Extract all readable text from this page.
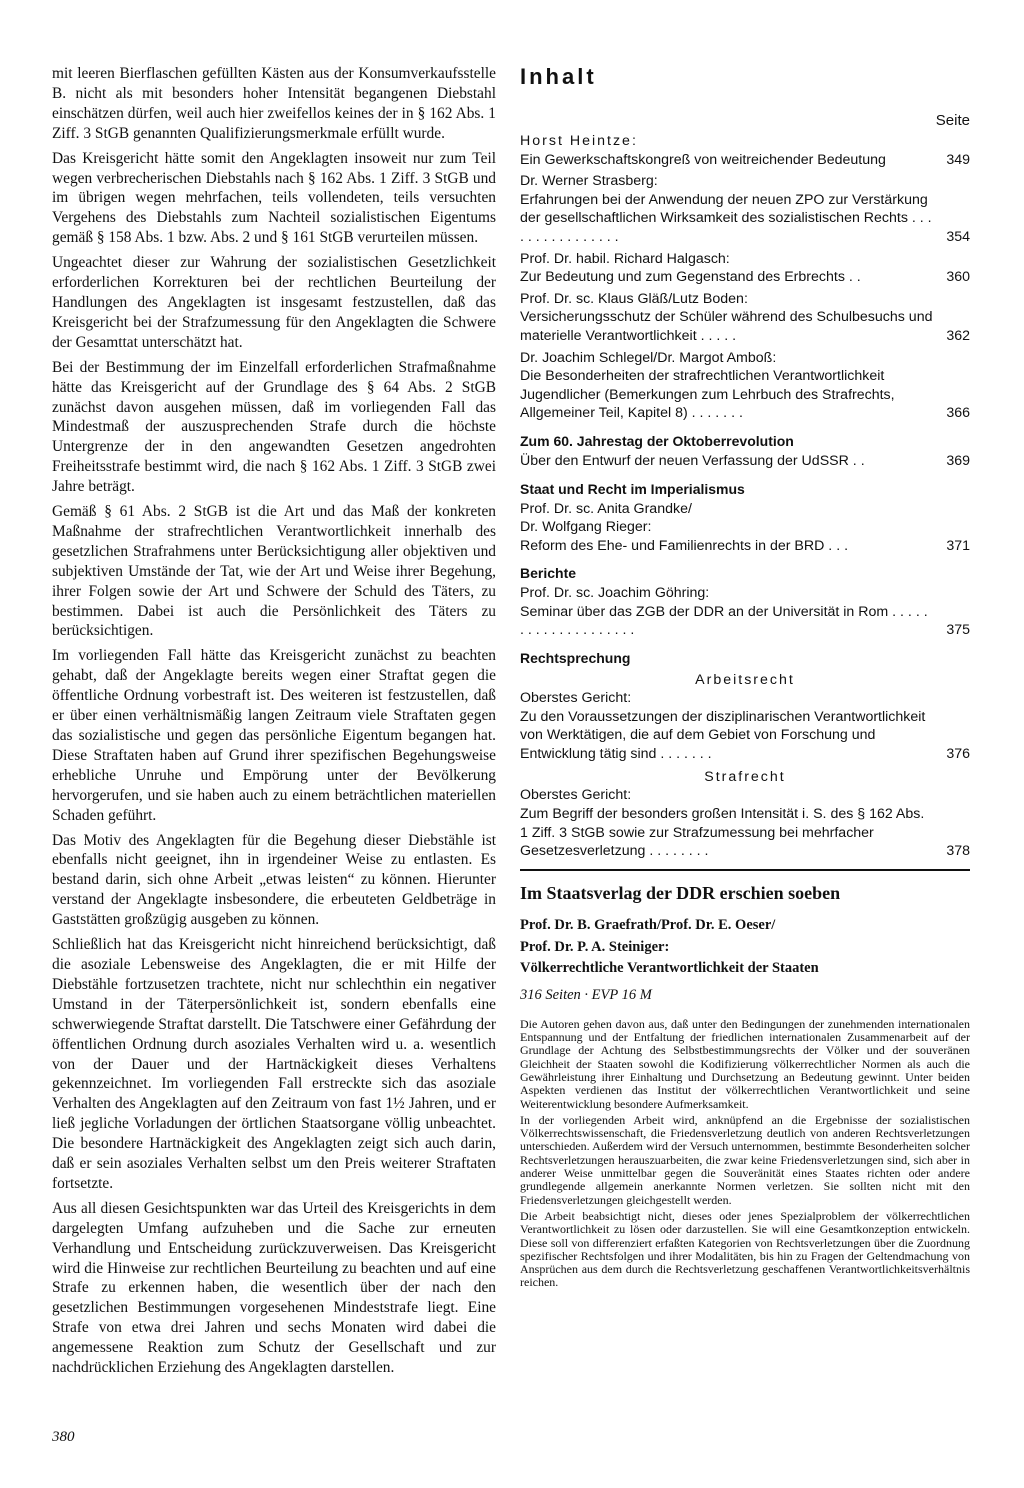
mit leeren Bierflaschen gefüllten Kästen aus der Konsumverkaufsstelle B. nicht als mit besonders hoher Intensität begangenen Diebstahl einschätzen dürfen, weil auch hier zweifellos keines der in § 162 Abs. 1 Ziff. 3 StGB genannten Qualifizierungsmerkmale erfüllt wurde.

Das Kreisgericht hätte somit den Angeklagten insoweit nur zum Teil wegen verbrecherischen Diebstahls nach § 162 Abs. 1 Ziff. 3 StGB und im übrigen wegen mehrfachen, teils vollendeten, teils versuchten Vergehens des Diebstahls zum Nachteil sozialistischen Eigentums gemäß § 158 Abs. 1 bzw. Abs. 2 und § 161 StGB verurteilen müssen.

Ungeachtet dieser zur Wahrung der sozialistischen Gesetzlichkeit erforderlichen Korrekturen bei der rechtlichen Beurteilung der Handlungen des Angeklagten ist insgesamt festzustellen, daß das Kreisgericht bei der Strafzumessung für den Angeklagten die Schwere der Gesamttat unterschätzt hat.

Bei der Bestimmung der im Einzelfall erforderlichen Strafmaßnahme hätte das Kreisgericht auf der Grundlage des § 64 Abs. 2 StGB zunächst davon ausgehen müssen, daß im vorliegenden Fall das Mindestmaß der auszusprechenden Strafe durch die höchste Untergrenze der in den angewandten Gesetzen angedrohten Freiheitsstrafe bestimmt wird, die nach § 162 Abs. 1 Ziff. 3 StGB zwei Jahre beträgt.

Gemäß § 61 Abs. 2 StGB ist die Art und das Maß der konkreten Maßnahme der strafrechtlichen Verantwortlichkeit innerhalb des gesetzlichen Strafrahmens unter Berücksichtigung aller objektiven und subjektiven Umstände der Tat, wie der Art und Weise ihrer Begehung, ihrer Folgen sowie der Art und Schwere der Schuld des Täters, zu bestimmen. Dabei ist auch die Persönlichkeit des Täters zu berücksichtigen.

Im vorliegenden Fall hätte das Kreisgericht zunächst zu beachten gehabt, daß der Angeklagte bereits wegen einer Straftat gegen die öffentliche Ordnung vorbestraft ist. Des weiteren ist festzustellen, daß er über einen verhältnismäßig langen Zeitraum viele Straftaten gegen das sozialistische und gegen das persönliche Eigentum begangen hat. Diese Straftaten haben auf Grund ihrer spezifischen Begehungsweise erhebliche Unruhe und Empörung unter der Bevölkerung hervorgerufen, und sie haben auch zu einem beträchtlichen materiellen Schaden geführt.

Das Motiv des Angeklagten für die Begehung dieser Diebstähle ist ebenfalls nicht geeignet, ihn in irgendeiner Weise zu entlasten. Es bestand darin, sich ohne Arbeit „etwas leisten“ zu können. Hierunter verstand der Angeklagte insbesondere, die erbeuteten Geldbeträge in Gaststätten großzügig ausgeben zu können.

Schließlich hat das Kreisgericht nicht hinreichend berücksichtigt, daß die asoziale Lebensweise des Angeklagten, die er mit Hilfe der Diebstähle fortzusetzen trachtete, nicht nur schlechthin ein negativer Umstand in der Täterpersönlichkeit ist, sondern ebenfalls eine schwerwiegende Straftat darstellt. Die Tatschwere einer Gefährdung der öffentlichen Ordnung durch asoziales Verhalten wird u. a. wesentlich von der Dauer und der Hartnäckigkeit dieses Verhaltens gekennzeichnet. Im vorliegenden Fall erstreckte sich das asoziale Verhalten des Angeklagten auf den Zeitraum von fast 1½ Jahren, und er ließ jegliche Vorladungen der örtlichen Staatsorgane völlig unbeachtet. Die besondere Hartnäckigkeit des Angeklagten zeigt sich auch darin, daß er sein asoziales Verhalten selbst um den Preis weiterer Straftaten fortsetzte.

Aus all diesen Gesichtspunkten war das Urteil des Kreisgerichts in dem dargelegten Umfang aufzuheben und die Sache zur erneuten Verhandlung und Entscheidung zurückzuverweisen. Das Kreisgericht wird die Hinweise zur rechtlichen Beurteilung zu beachten und auf eine Strafe zu erkennen haben, die wesentlich über der nach den gesetzlichen Bestimmungen vorgesehenen Mindeststrafe liegt. Eine Strafe von etwa drei Jahren und sechs Monaten wird dabei die angemessene Reaktion zum Schutz der Gesellschaft und zur nachdrücklichen Erziehung des Angeklagten darstellen.

380
Inhalt
Seite
Horst Heintze:
Ein Gewerkschaftskongreß von weitreichender Bedeutung	349
Dr. Werner Strasberg:
Erfahrungen bei der Anwendung der neuen ZPO zur Verstärkung der gesellschaftlichen Wirksamkeit des sozialistischen Rechts . . . . . . . . . . . . . . . .	354
Prof. Dr. habil. Richard Halgasch:
Zur Bedeutung und zum Gegenstand des Erbrechts . .	360
Prof. Dr. sc. Klaus Gläß/Lutz Boden:
Versicherungsschutz der Schüler während des Schulbesuchs und materielle Verantwortlichkeit . . . . .	362
Dr. Joachim Schlegel/Dr. Margot Amboß:
Die Besonderheiten der strafrechtlichen Verantwortlichkeit Jugendlicher (Bemerkungen zum Lehrbuch des Strafrechts, Allgemeiner Teil, Kapitel 8) . . . . . . .	366
Zum 60. Jahrestag der Oktoberrevolution
Über den Entwurf der neuen Verfassung der UdSSR . .	369
Staat und Recht im Imperialismus
Prof. Dr. sc. Anita Grandke/
Dr. Wolfgang Rieger:
Reform des Ehe- und Familienrechts in der BRD . . .	371
Berichte
Prof. Dr. sc. Joachim Göhring:
Seminar über das ZGB der DDR an der Universität in Rom . . . . . . . . . . . . . . . . . . . .	375
Rechtsprechung
Arbeitsrecht
Oberstes Gericht:
Zu den Voraussetzungen der disziplinarischen Verantwortlichkeit von Werktätigen, die auf dem Gebiet von Forschung und Entwicklung tätig sind . . . . . . .	376
Strafrecht
Oberstes Gericht:
Zum Begriff der besonders großen Intensität i. S. des § 162 Abs. 1 Ziff. 3 StGB sowie zur Strafzumessung bei mehrfacher Gesetzesverletzung . . . . . . . .	378
Im Staatsverlag der DDR erschien soeben

Prof. Dr. B. Graefrath/Prof. Dr. E. Oeser/

Prof. Dr. P. A. Steiniger:

Völkerrechtliche Verantwortlichkeit der Staaten

316 Seiten · EVP 16 M

Die Autoren gehen davon aus, daß unter den Bedingungen der zunehmenden internationalen Entspannung und der Entfaltung der friedlichen internationalen Zusammenarbeit auf der Grundlage der Achtung des Selbstbestimmungsrechts der Völker und der souveränen Gleichheit der Staaten sowohl die Kodifizierung völkerrechtlicher Normen als auch die Gewährleistung ihrer Einhaltung und Durchsetzung an Bedeutung gewinnt. Unter beiden Aspekten verdienen das Institut der völkerrechtlichen Verantwortlichkeit und seine Weiterentwicklung besondere Aufmerksamkeit.

In der vorliegenden Arbeit wird, anknüpfend an die Ergebnisse der sozialistischen Völkerrechtswissenschaft, die Friedensverletzung deutlich von anderen Rechtsverletzungen unterschieden. Außerdem wird der Versuch unternommen, bestimmte Besonderheiten solcher Rechtsverletzungen herauszuarbeiten, die zwar keine Friedensverletzungen sind, sich aber in anderer Weise unmittelbar gegen die Souveränität eines Staates richten oder andere grundlegende allgemein anerkannte Normen verletzen. Sie sollten nicht mit den Friedensverletzungen gleichgestellt werden.

Die Arbeit beabsichtigt nicht, dieses oder jenes Spezialproblem der völkerrechtlichen Verantwortlichkeit zu lösen oder darzustellen. Sie will eine Gesamtkonzeption entwickeln. Diese soll von differenziert erfaßten Kategorien von Rechtsverletzungen über die Zuordnung spezifischer Rechtsfolgen und ihrer Modalitäten, bis hin zu Fragen der Geltendmachung von Ansprüchen aus dem durch die Rechtsverletzung geschaffenen Verantwortlichkeitsverhältnis reichen.
